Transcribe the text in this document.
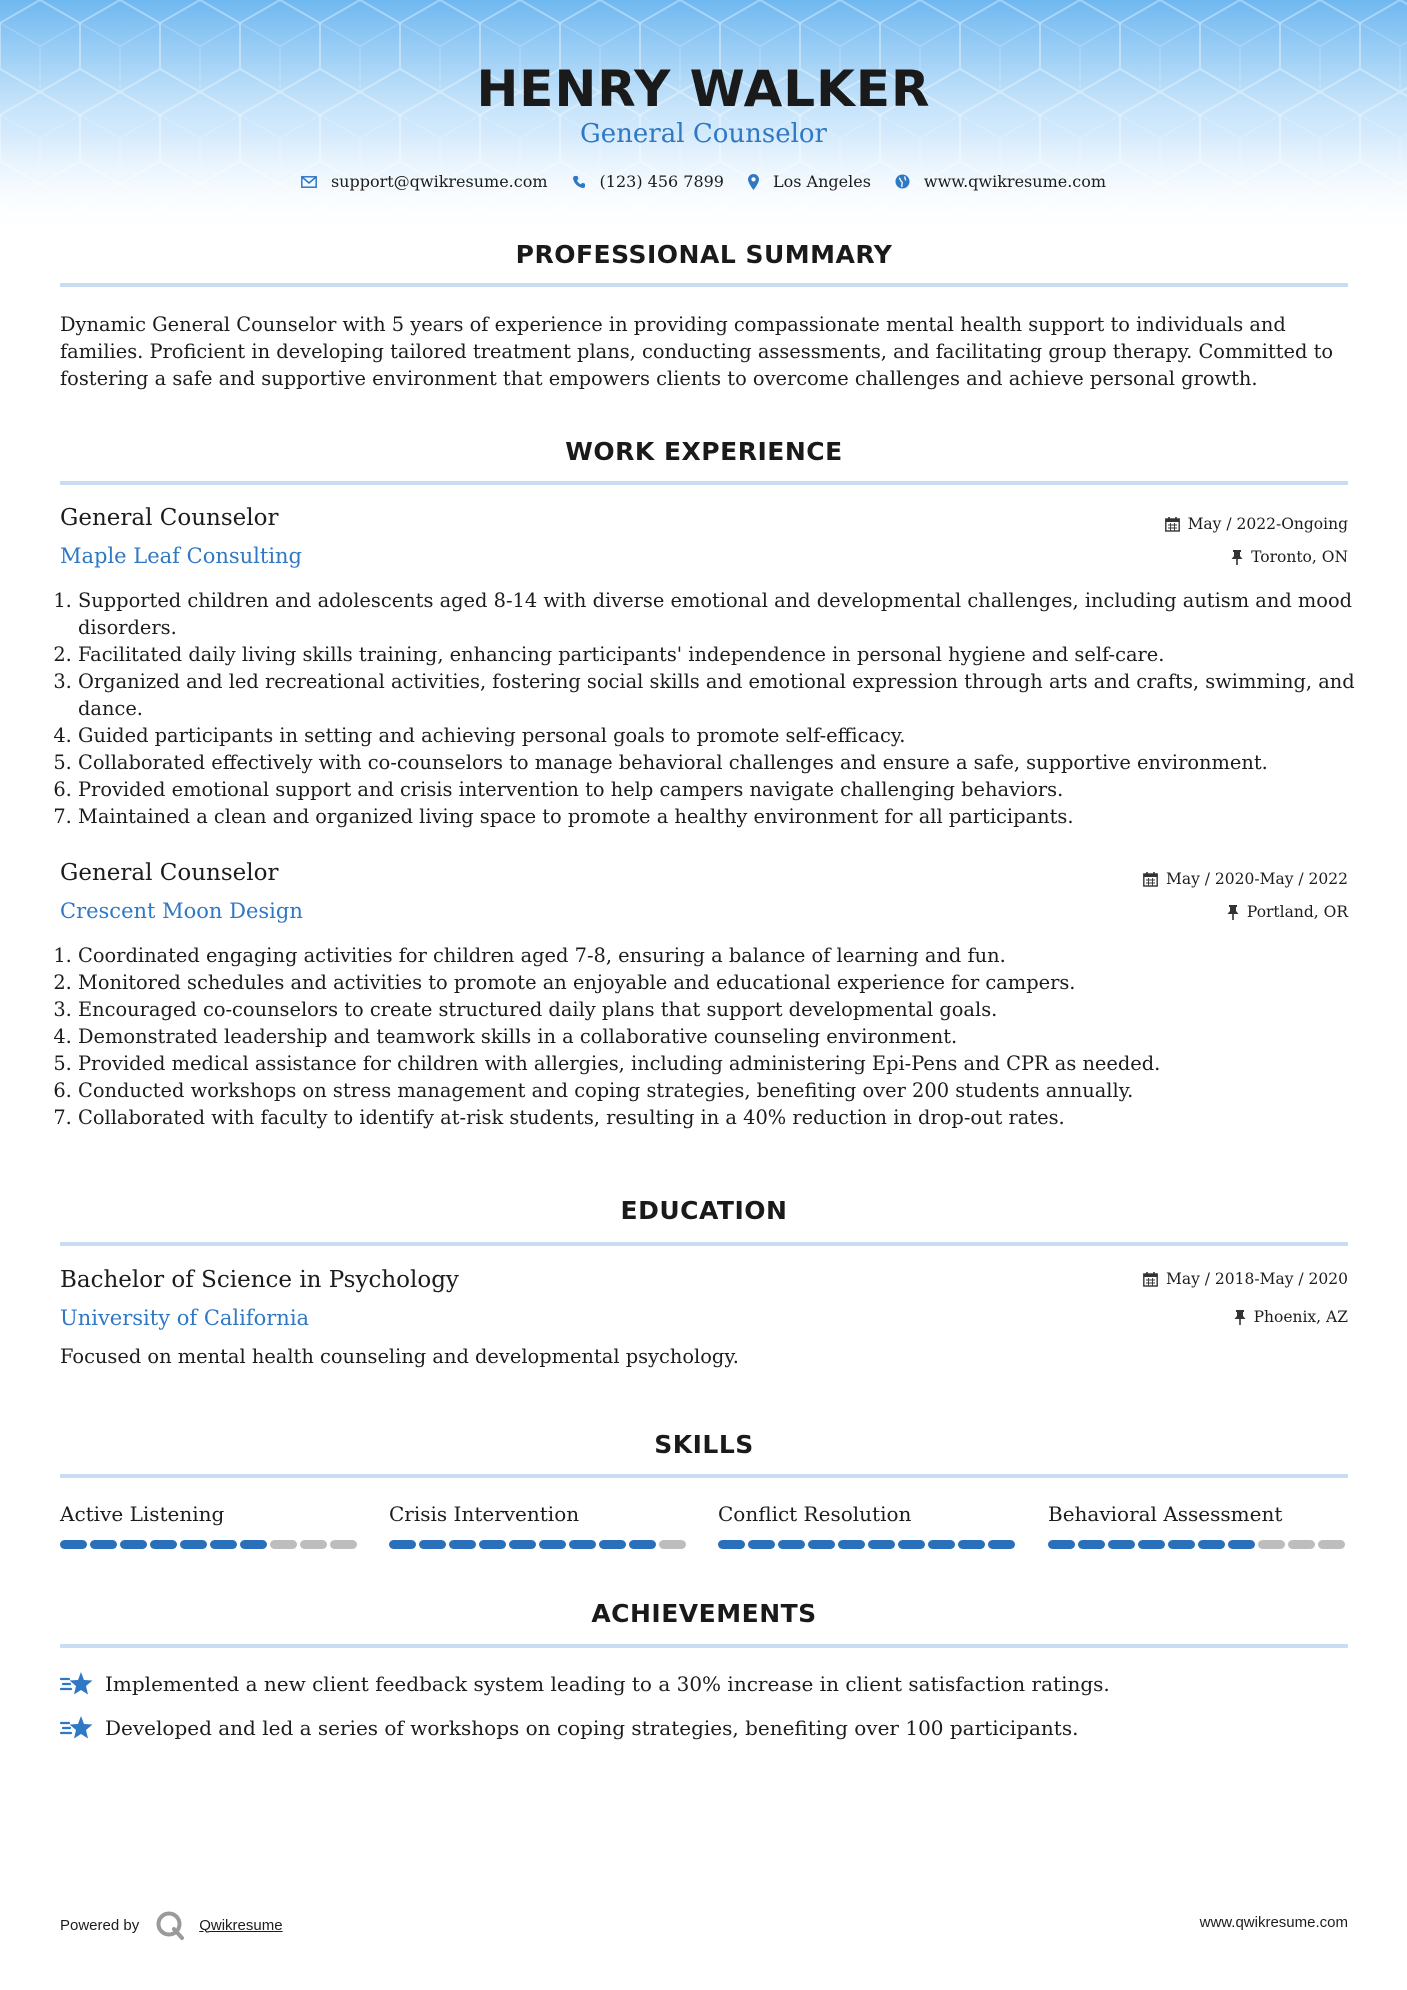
HENRY WALKER
General Counselor
support@qwikresume.com	(123) 456 7899	Los Angeles	www.qwikresume.com
PROFESSIONAL SUMMARY
Dynamic General Counselor with 5 years of experience in providing compassionate mental health support to individuals and families. Proficient in developing tailored treatment plans, conducting assessments, and facilitating group therapy. Committed to fostering a safe and supportive environment that empowers clients to overcome challenges and achieve personal growth.
WORK EXPERIENCE
General Counselor
Maple Leaf Consulting
May / 2022-Ongoing
Toronto, ON
1. Supported children and adolescents aged 8-14 with diverse emotional and developmental challenges, including autism and mood disorders.
2. Facilitated daily living skills training, enhancing participants' independence in personal hygiene and self-care.
3. Organized and led recreational activities, fostering social skills and emotional expression through arts and crafts, swimming, and dance.
4. Guided participants in setting and achieving personal goals to promote self-efficacy.
5. Collaborated effectively with co-counselors to manage behavioral challenges and ensure a safe, supportive environment.
6. Provided emotional support and crisis intervention to help campers navigate challenging behaviors.
7. Maintained a clean and organized living space to promote a healthy environment for all participants.
General Counselor
Crescent Moon Design
May / 2020-May / 2022
Portland, OR
1. Coordinated engaging activities for children aged 7-8, ensuring a balance of learning and fun.
2. Monitored schedules and activities to promote an enjoyable and educational experience for campers.
3. Encouraged co-counselors to create structured daily plans that support developmental goals.
4. Demonstrated leadership and teamwork skills in a collaborative counseling environment.
5. Provided medical assistance for children with allergies, including administering Epi-Pens and CPR as needed.
6. Conducted workshops on stress management and coping strategies, benefiting over 200 students annually.
7. Collaborated with faculty to identify at-risk students, resulting in a 40% reduction in drop-out rates.
EDUCATION
Bachelor of Science in Psychology
University of California
May / 2018-May / 2020
Phoenix, AZ
Focused on mental health counseling and developmental psychology.
SKILLS
Active Listening	Crisis Intervention	Conflict Resolution	Behavioral Assessment
ACHIEVEMENTS
Implemented a new client feedback system leading to a 30% increase in client satisfaction ratings.
Developed and led a series of workshops on coping strategies, benefiting over 100 participants.
Powered by	Qwikresume	www.qwikresume.com
